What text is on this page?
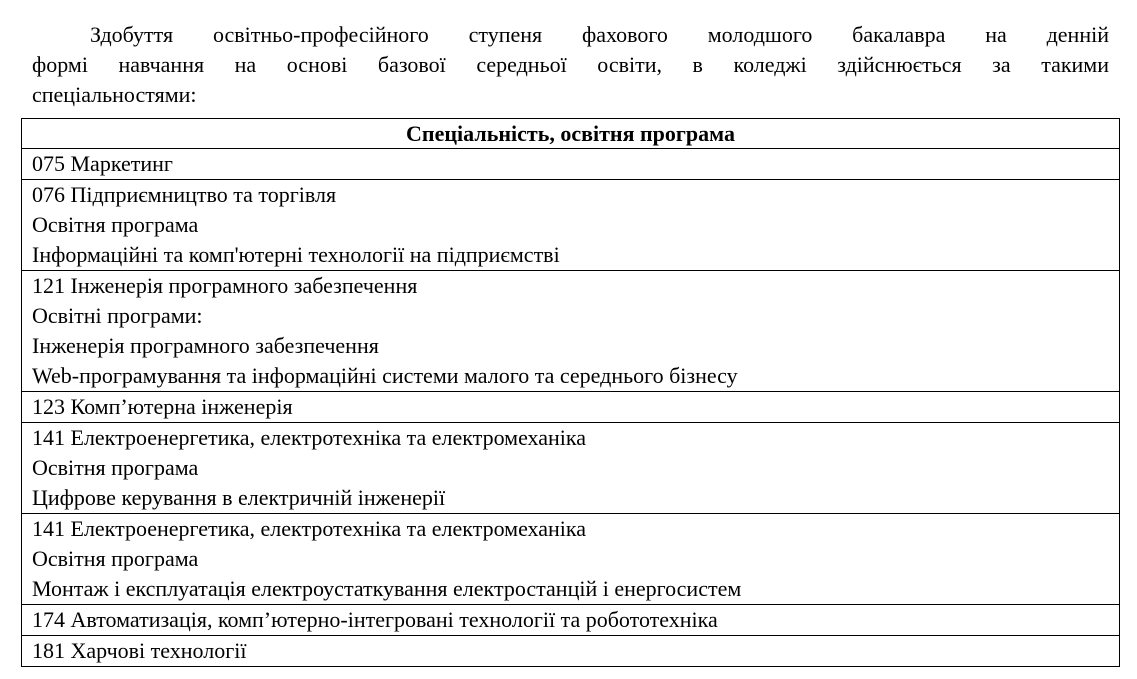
Здобуття освітньо-професійного ступеня фахового молодшого бакалавра на денній
формі навчання на основі базової середньої освіти, в коледжі здійснюється за такими
спеціальностями:

Спеціальність, освітня програма

075 Маркетинг

076 Підприємництво та торгівля
Освітня програма
Інформаційні та комп'ютерні технології на підприємстві

121 Інженерія програмного забезпечення
Освітні програми:
Інженерія програмного забезпечення
Web-програмування та інформаційні системи малого та середнього бізнесу

123 Комп’ютерна інженерія

141 Електроенергетика, електротехніка та електромеханіка
Освітня програма
Цифрове керування в електричній інженерії

141 Електроенергетика, електротехніка та електромеханіка
Освітня програма
Монтаж і експлуатація електроустаткування електростанцій і енергосистем

174 Автоматизація, комп’ютерно-інтегровані технології та робототехніка

181 Харчові технології
